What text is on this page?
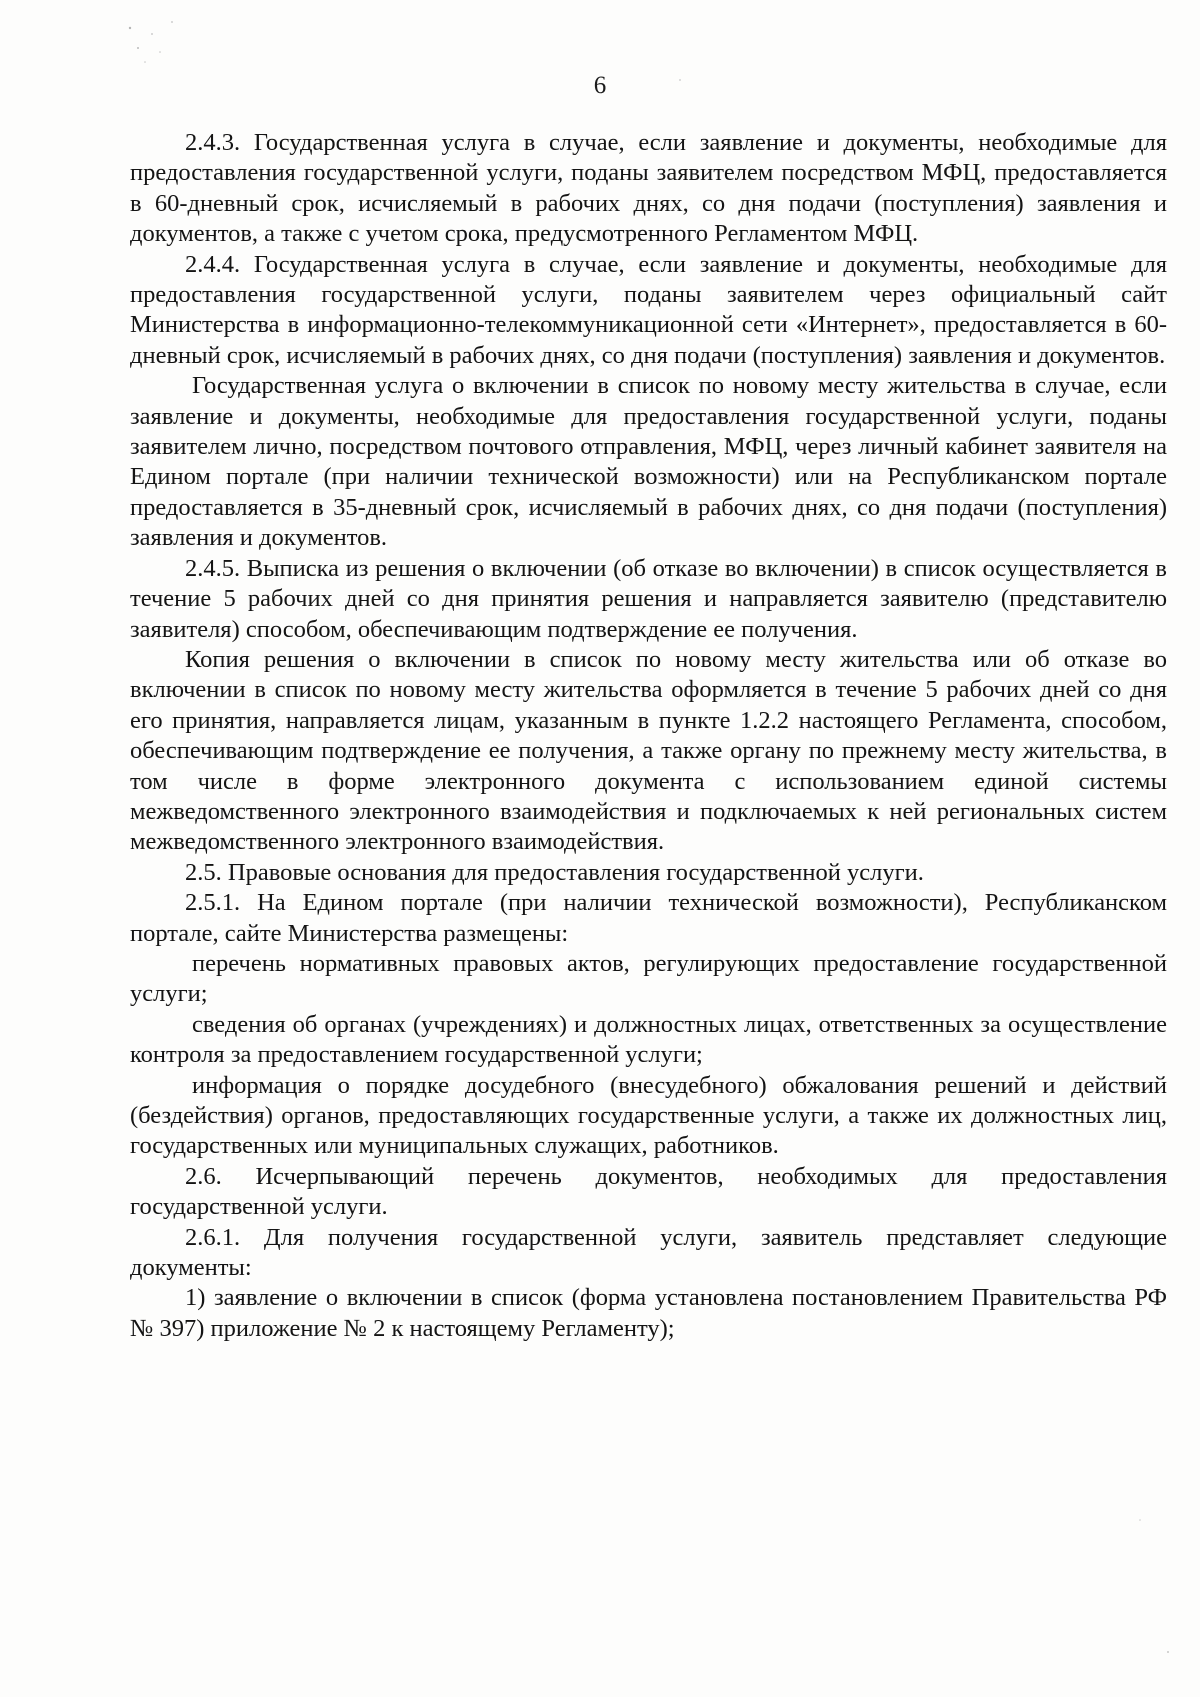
6

2.4.3. Государственная услуга в случае, если заявление и документы, необходимые для предоставления государственной услуги, поданы заявителем посредством МФЦ, предоставляется в 60-дневный срок, исчисляемый в рабочих днях, со дня подачи (поступления) заявления и документов, а также с учетом срока, предусмотренного Регламентом МФЦ.

2.4.4. Государственная услуга в случае, если заявление и документы, необходимые для предоставления государственной услуги, поданы заявителем через официальный сайт Министерства в информационно-телекоммуникационной сети «Интернет», предоставляется в 60-дневный срок, исчисляемый в рабочих днях, со дня подачи (поступления) заявления и документов.

Государственная услуга о включении в список по новому месту жительства в случае, если заявление и документы, необходимые для предоставления государственной услуги, поданы заявителем лично, посредством почтового отправления, МФЦ, через личный кабинет заявителя на Едином портале (при наличии технической возможности) или на Республиканском портале предоставляется в 35-дневный срок, исчисляемый в рабочих днях, со дня подачи (поступления) заявления и документов.

2.4.5. Выписка из решения о включении (об отказе во включении) в список осуществляется в течение 5 рабочих дней со дня принятия решения и направляется заявителю (представителю заявителя) способом, обеспечивающим подтверждение ее получения.

Копия решения о включении в список по новому месту жительства или об отказе во включении в список по новому месту жительства оформляется в течение 5 рабочих дней со дня его принятия, направляется лицам, указанным в пункте 1.2.2 настоящего Регламента, способом, обеспечивающим подтверждение ее получения, а также органу по прежнему месту жительства, в том числе в форме электронного документа с использованием единой системы межведомственного электронного взаимодействия и подключаемых к ней региональных систем межведомственного электронного взаимодействия.

2.5. Правовые основания для предоставления государственной услуги.

2.5.1. На Едином портале (при наличии технической возможности), Республиканском портале, сайте Министерства размещены:

перечень нормативных правовых актов, регулирующих предоставление государственной услуги;

сведения об органах (учреждениях) и должностных лицах, ответственных за осуществление контроля за предоставлением государственной услуги;

информация о порядке досудебного (внесудебного) обжалования решений и действий (бездействия) органов, предоставляющих государственные услуги, а также их должностных лиц, государственных или муниципальных служащих, работников.

2.6. Исчерпывающий перечень документов, необходимых для предоставления государственной услуги.

2.6.1. Для получения государственной услуги, заявитель представляет следующие документы:

1) заявление о включении в список (форма установлена постановлением Правительства РФ № 397) приложение № 2 к настоящему Регламенту);
